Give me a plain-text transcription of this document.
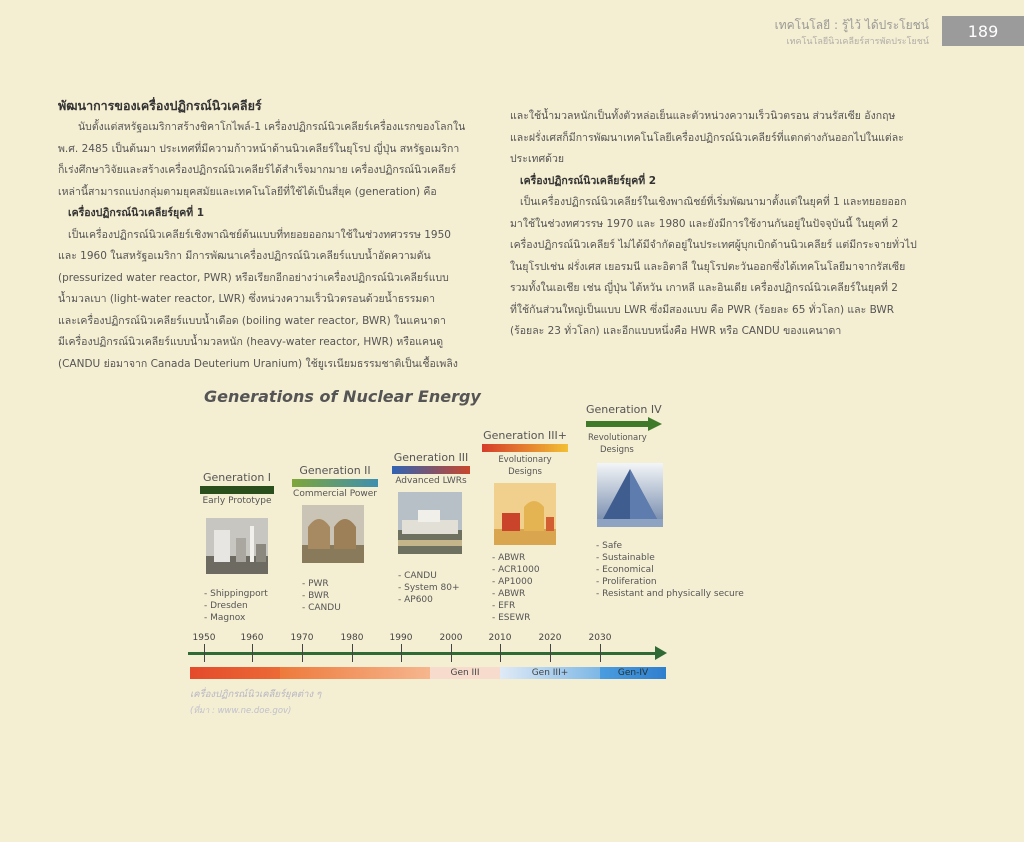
เทคโนโลยี : รู้ไว้ ได้ประโยชน์
เทคโนโลยีนิวเคลียร์สารพัดประโยชน์
189
พัฒนาการของเครื่องปฏิกรณ์นิวเคลียร์

นับตั้งแต่สหรัฐอเมริกาสร้างชิคาโกไพล์-1 เครื่องปฏิกรณ์นิวเคลียร์เครื่องแรกของโลกใน

พ.ศ. 2485 เป็นต้นมา ประเทศที่มีความก้าวหน้าด้านนิวเคลียร์ในยุโรป ญี่ปุ่น สหรัฐอเมริกา

ก็เร่งศึกษาวิจัยและสร้างเครื่องปฏิกรณ์นิวเคลียร์ได้สำเร็จมากมาย เครื่องปฏิกรณ์นิวเคลียร์

เหล่านี้สามารถแบ่งกลุ่มตามยุคสมัยและเทคโนโลยีที่ใช้ได้เป็นสี่ยุค (generation) คือ

เครื่องปฏิกรณ์นิวเคลียร์ยุคที่ 1

เป็นเครื่องปฏิกรณ์นิวเคลียร์เชิงพาณิชย์ต้นแบบที่ทยอยออกมาใช้ในช่วงทศวรรษ 1950

และ 1960 ในสหรัฐอเมริกา มีการพัฒนาเครื่องปฏิกรณ์นิวเคลียร์แบบน้ำอัดความดัน

(pressurized water reactor, PWR) หรือเรียกอีกอย่างว่าเครื่องปฏิกรณ์นิวเคลียร์แบบ

น้ำมวลเบา (light-water reactor, LWR) ซึ่งหน่วงความเร็วนิวตรอนด้วยน้ำธรรมดา

และเครื่องปฏิกรณ์นิวเคลียร์แบบน้ำเดือด (boiling water reactor, BWR) ในแคนาดา

มีเครื่องปฏิกรณ์นิวเคลียร์แบบน้ำมวลหนัก (heavy-water reactor, HWR) หรือแคนดู

(CANDU ย่อมาจาก Canada Deuterium Uranium) ใช้ยูเรเนียมธรรมชาติเป็นเชื้อเพลิง

และใช้น้ำมวลหนักเป็นทั้งตัวหล่อเย็นและตัวหน่วงความเร็วนิวตรอน ส่วนรัสเซีย อังกฤษ

และฝรั่งเศสก็มีการพัฒนาเทคโนโลยีเครื่องปฏิกรณ์นิวเคลียร์ที่แตกต่างกันออกไปในแต่ละ

ประเทศด้วย

เครื่องปฏิกรณ์นิวเคลียร์ยุคที่ 2

เป็นเครื่องปฏิกรณ์นิวเคลียร์ในเชิงพาณิชย์ที่เริ่มพัฒนามาตั้งแต่ในยุคที่ 1 และทยอยออก

มาใช้ในช่วงทศวรรษ 1970 และ 1980 และยังมีการใช้งานกันอยู่ในปัจจุบันนี้ ในยุคที่ 2

เครื่องปฏิกรณ์นิวเคลียร์ ไม่ได้มีจำกัดอยู่ในประเทศผู้บุกเบิกด้านนิวเคลียร์ แต่มีกระจายทั่วไป

ในยุโรปเช่น ฝรั่งเศส เยอรมนี และอิตาลี ในยุโรปตะวันออกซึ่งได้เทคโนโลยีมาจากรัสเซีย

รวมทั้งในเอเชีย เช่น ญี่ปุ่น ไต้หวัน เกาหลี และอินเดีย เครื่องปฏิกรณ์นิวเคลียร์ในยุคที่ 2

ที่ใช้กันส่วนใหญ่เป็นแบบ LWR ซึ่งมีสองแบบ คือ PWR (ร้อยละ 65 ทั่วโลก) และ BWR

(ร้อยละ 23 ทั่วโลก) และอีกแบบหนึ่งคือ HWR หรือ CANDU ของแคนาดา

Generations of Nuclear Energy
Generation I
Early Prototype
- Shippingport
- Dresden
- Magnox
Generation II
Commercial Power
- PWR
- BWR
- CANDU
Generation III
Advanced LWRs
- CANDU
- System 80+
- AP600
Generation III+
Evolutionary
Designs
- ABWR
- ACR1000
- AP1000
- ABWR
- EFR
- ESEWR
Generation IV
Revolutionary
Designs
- Safe
- Sustainable
- Economical
- Proliferation
- Resistant and physically secure
1950	1960	1970	1980	1990	2000	2010	2020	2030
Gen III	Gen III+	Gen-IV
เครื่องปฏิกรณ์นิวเคลียร์ยุคต่าง ๆ
(ที่มา : www.ne.doe.gov)
